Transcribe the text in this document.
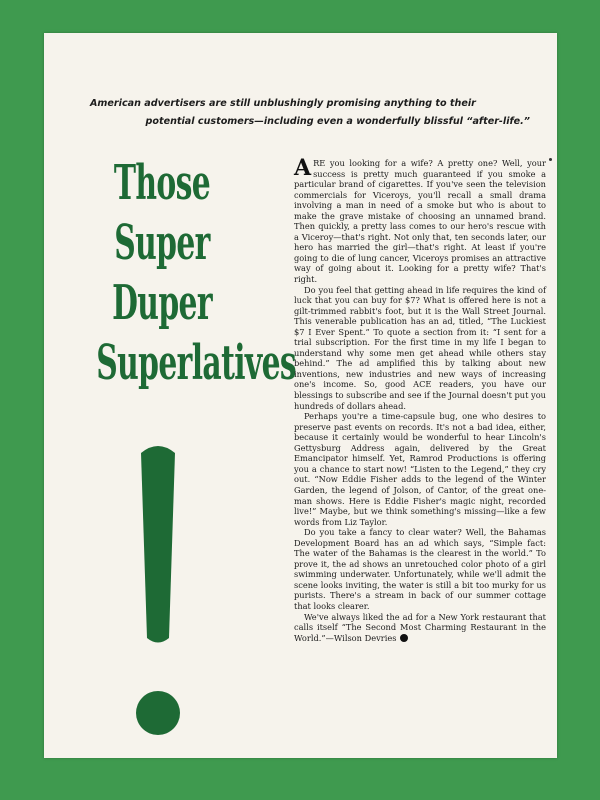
American advertisers are still unblushingly promising anything to their
potential customers—including even a wonderfully blissful “after-life.”
Those
Super
Duper
Superlatives

ARE you looking for a wife? A pretty one? Well, your success is pretty much guaranteed if you smoke a particular brand of cigarettes. If you've seen the television commercials for Viceroys, you'll recall a small drama involving a man in need of a smoke but who is about to make the grave mistake of choosing an unnamed brand. Then quickly, a pretty lass comes to our hero's rescue with a Viceroy—that's right. Not only that, ten seconds later, our hero has married the girl—that's right. At least if you're going to die of lung cancer, Viceroys promises an attractive way of going about it. Looking for a pretty wife? That's right.

Do you feel that getting ahead in life requires the kind of luck that you can buy for $7? What is offered here is not a gilt-trimmed rabbit's foot, but it is the Wall Street Journal. This venerable publication has an ad, titled, “The Luckiest $7 I Ever Spent.” To quote a section from it: “I sent for a trial subscription. For the first time in my life I began to understand why some men get ahead while others stay behind.” The ad amplified this by talking about new inventions, new industries and new ways of increasing one's income. So, good ACE readers, you have our blessings to subscribe and see if the Journal doesn't put you hundreds of dollars ahead.

Perhaps you're a time-capsule bug, one who desires to preserve past events on records. It's not a bad idea, either, because it certainly would be wonderful to hear Lincoln's Gettysburg Address again, delivered by the Great Emancipator himself. Yet, Ramrod Productions is offering you a chance to start now! “Listen to the Legend,” they cry out. “Now Eddie Fisher adds to the legend of the Winter Garden, the legend of Jolson, of Cantor, of the great one-man shows. Here is Eddie Fisher's magic night, recorded live!” Maybe, but we think something's missing—like a few words from Liz Taylor.

Do you take a fancy to clear water? Well, the Bahamas Development Board has an ad which says, “Simple fact: The water of the Bahamas is the clearest in the world.” To prove it, the ad shows an unretouched color photo of a girl swimming underwater. Unfortunately, while we'll admit the scene looks inviting, the water is still a bit too murky for us purists. There's a stream in back of our summer cottage that looks clearer.

We've always liked the ad for a New York restaurant that calls itself “The Second Most Charming Restaurant in the World.”—Wilson Devries
